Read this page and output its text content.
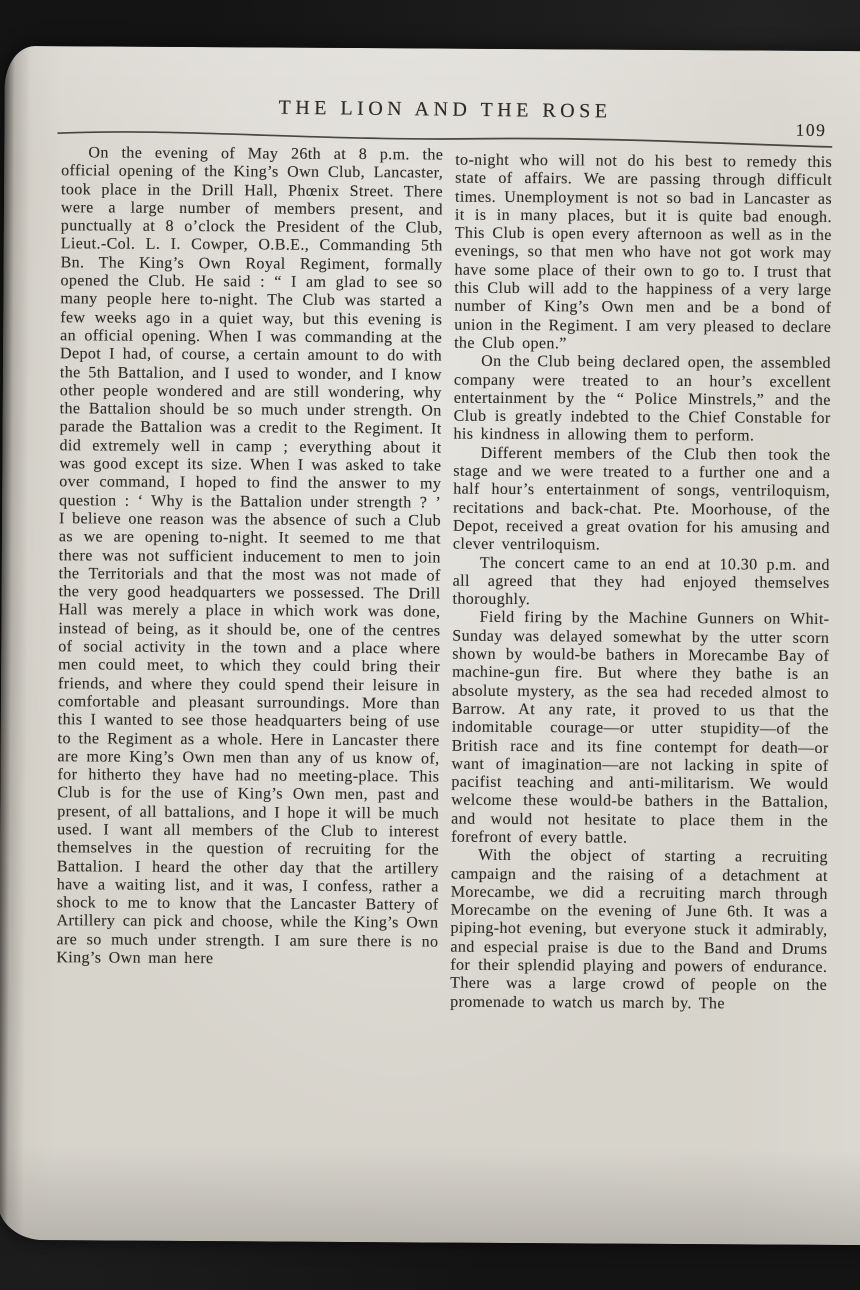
THE LION AND THE ROSE
109

On the evening of May 26th at 8 p.m. the official opening of the King’s Own Club, Lancaster, took place in the Drill Hall, Phœnix Street. There were a large number of members present, and punctually at 8 o’clock the President of the Club, Lieut.-Col. L. I. Cowper, O.B.E., Commanding 5th Bn. The King’s Own Royal Regiment, formally opened the Club. He said : “ I am glad to see so many people here to-night. The Club was started a few weeks ago in a quiet way, but this evening is an official opening. When I was commanding at the Depot I had, of course, a certain amount to do with the 5th Battalion, and I used to wonder, and I know other people wondered and are still wondering, why the Battalion should be so much under strength. On parade the Battalion was a credit to the Regiment. It did extremely well in camp ; everything about it was good except its size. When I was asked to take over command, I hoped to find the answer to my question : ‘ Why is the Battalion under strength ? ’ I believe one reason was the absence of such a Club as we are opening to-night. It seemed to me that there was not sufficient inducement to men to join the Territorials and that the most was not made of the very good headquarters we possessed. The Drill Hall was merely a place in which work was done, instead of being, as it should be, one of the centres of social activity in the town and a place where men could meet, to which they could bring their friends, and where they could spend their leisure in comfortable and pleasant surroundings. More than this I wanted to see those headquarters being of use to the Regiment as a whole. Here in Lancaster there are more King’s Own men than any of us know of, for hitherto they have had no meeting-place. This Club is for the use of King’s Own men, past and present, of all battalions, and I hope it will be much used. I want all members of the Club to interest themselves in the question of recruiting for the Battalion. I heard the other day that the artillery have a waiting list, and it was, I confess, rather a shock to me to know that the Lancaster Battery of Artillery can pick and choose, while the King’s Own are so much under strength. I am sure there is no King’s Own man here

to-night who will not do his best to remedy this state of affairs. We are passing through difficult times. Unemployment is not so bad in Lancaster as it is in many places, but it is quite bad enough. This Club is open every afternoon as well as in the evenings, so that men who have not got work may have some place of their own to go to. I trust that this Club will add to the happiness of a very large number of King’s Own men and be a bond of union in the Regiment. I am very pleased to declare the Club open.”

On the Club being declared open, the assembled company were treated to an hour’s excellent entertainment by the “ Police Minstrels,” and the Club is greatly indebted to the Chief Constable for his kindness in allowing them to perform.

Different members of the Club then took the stage and we were treated to a further one and a half hour’s entertainment of songs, ventriloquism, recitations and back-chat. Pte. Moorhouse, of the Depot, received a great ovation for his amusing and clever ventriloquism.

The concert came to an end at 10.30 p.m. and all agreed that they had enjoyed themselves thoroughly.

Field firing by the Machine Gunners on Whit-Sunday was delayed somewhat by the utter scorn shown by would-be bathers in Morecambe Bay of machine-gun fire. But where they bathe is an absolute mystery, as the sea had receded almost to Barrow. At any rate, it proved to us that the indomitable courage—or utter stupidity—of the British race and its fine contempt for death—or want of imagination—are not lacking in spite of pacifist teaching and anti-militarism. We would welcome these would-be bathers in the Battalion, and would not hesitate to place them in the forefront of every battle.

With the object of starting a recruiting campaign and the raising of a detachment at Morecambe, we did a recruiting march through Morecambe on the evening of June 6th. It was a piping-hot evening, but everyone stuck it admirably, and especial praise is due to the Band and Drums for their splendid playing and powers of endurance. There was a large crowd of people on the promenade to watch us march by. The
